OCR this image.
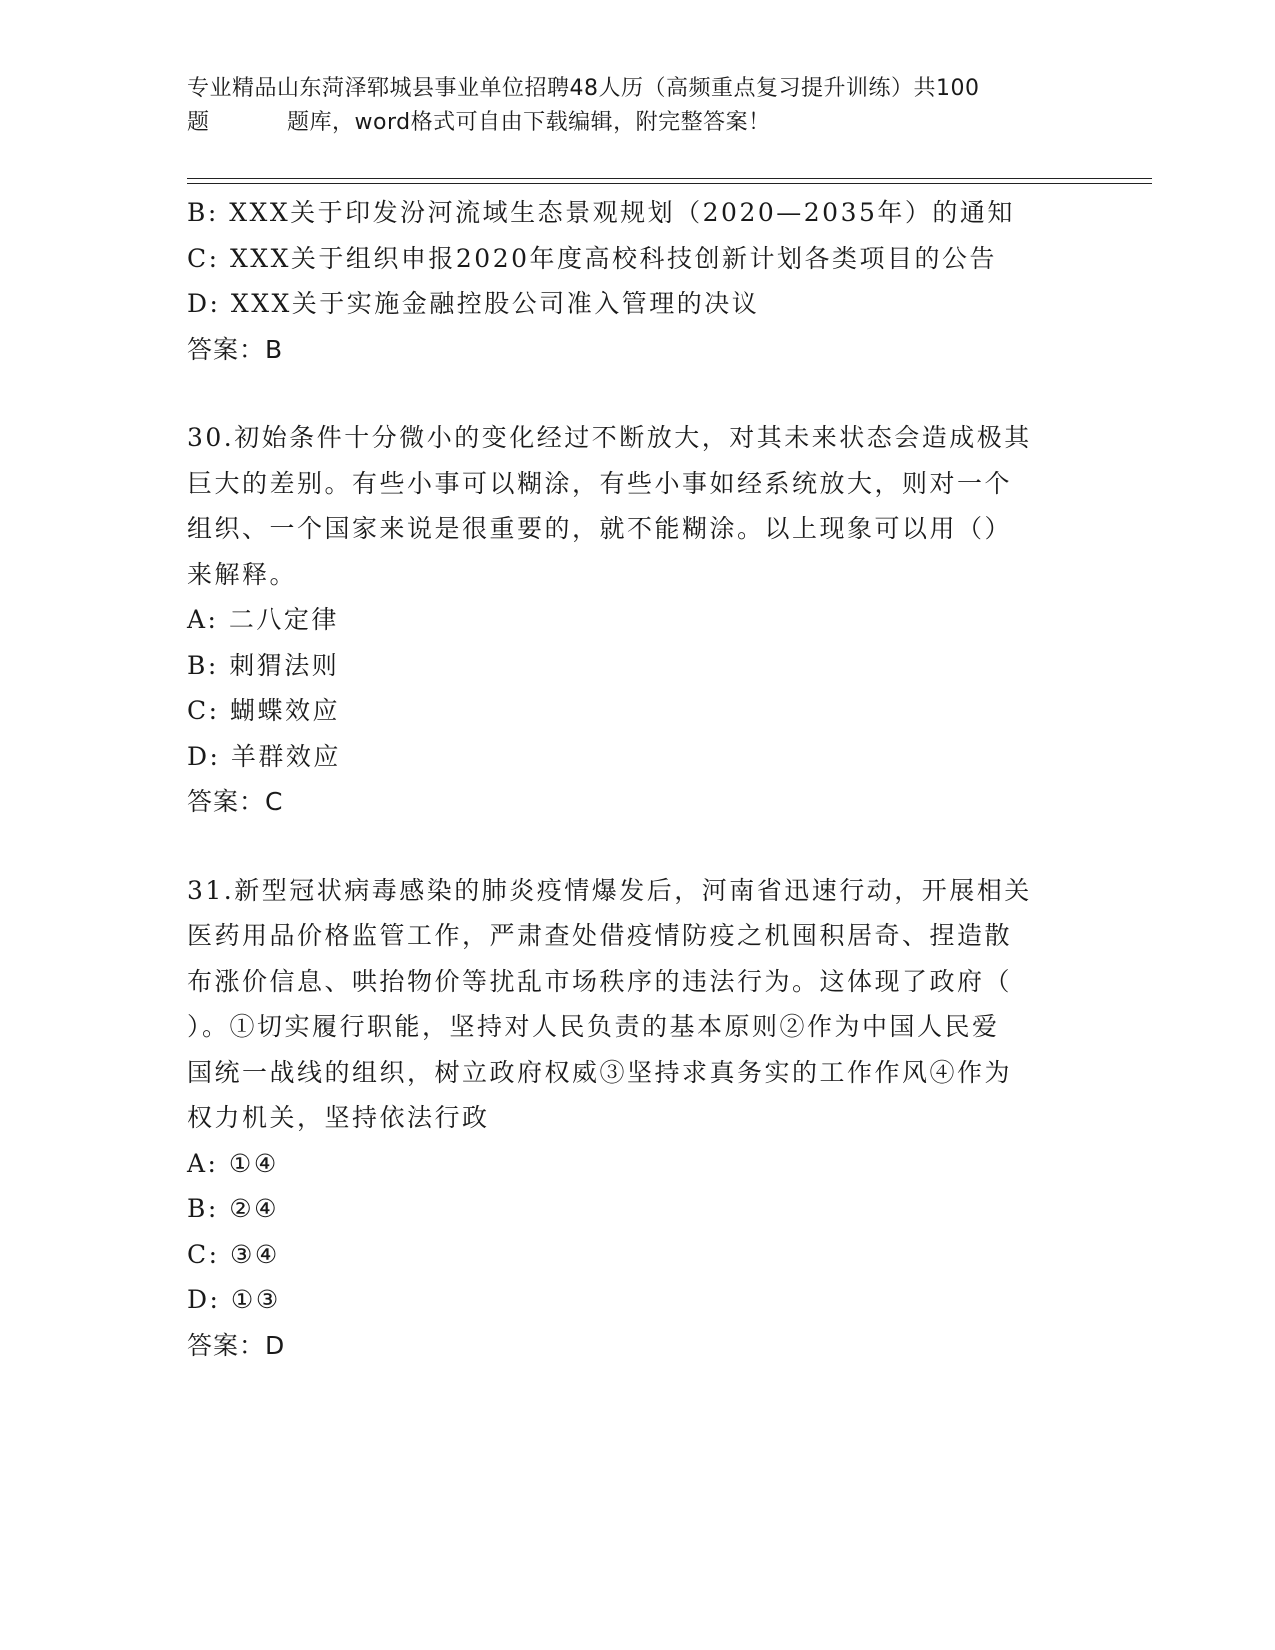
专业精品山东菏泽郓城县事业单位招聘48人历（高频重点复习提升训练）共100
题	题库，word格式可自由下载编辑，附完整答案！
B: XXX关于印发汾河流域生态景观规划（2020—2035年）的通知
C: XXX关于组织申报2020年度高校科技创新计划各类项目的公告
D: XXX关于实施金融控股公司准入管理的决议
答案：B
30.初始条件十分微小的变化经过不断放大，对其未来状态会造成极其
巨大的差别。有些小事可以糊涂，有些小事如经系统放大，则对一个
组织、一个国家来说是很重要的，就不能糊涂。以上现象可以用（）
来解释。
A: 二八定律
B: 刺猬法则
C: 蝴蝶效应
D: 羊群效应
答案：C
31.新型冠状病毒感染的肺炎疫情爆发后，河南省迅速行动，开展相关
医药用品价格监管工作，严肃查处借疫情防疫之机囤积居奇、捏造散
布涨价信息、哄抬物价等扰乱市场秩序的违法行为。这体现了政府（
）。①切实履行职能，坚持对人民负责的基本原则②作为中国人民爱
国统一战线的组织，树立政府权威③坚持求真务实的工作作风④作为
权力机关，坚持依法行政
A: ①④
B: ②④
C: ③④
D: ①③
答案：D
